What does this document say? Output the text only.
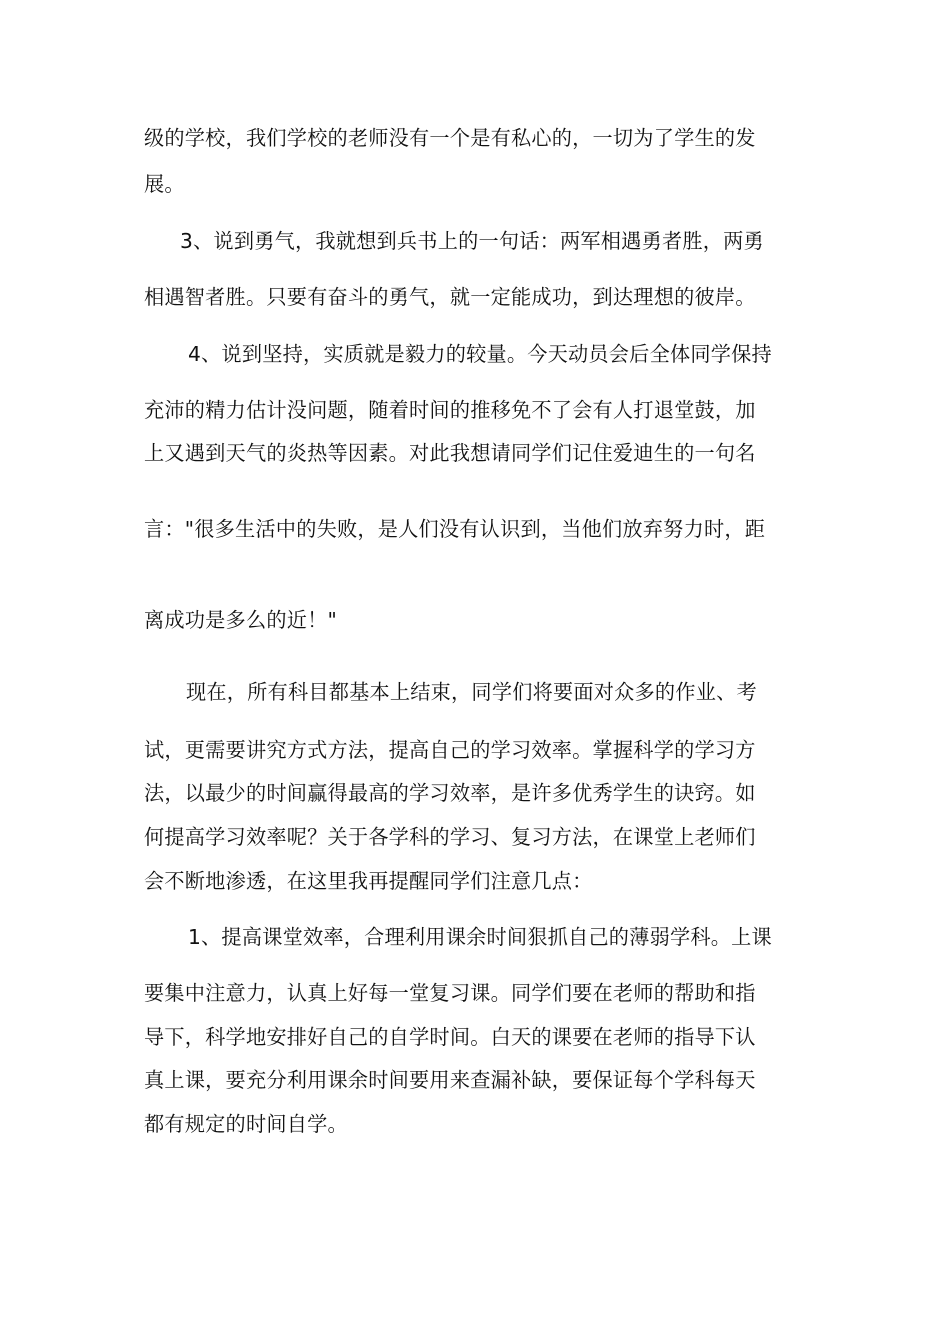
级的学校，我们学校的老师没有一个是有私心的，一切为了学生的发
展。
3、说到勇气，我就想到兵书上的一句话：两军相遇勇者胜，两勇
相遇智者胜。只要有奋斗的勇气，就一定能成功，到达理想的彼岸。
4、说到坚持，实质就是毅力的较量。今天动员会后全体同学保持
充沛的精力估计没问题，随着时间的推移免不了会有人打退堂鼓，加
上又遇到天气的炎热等因素。对此我想请同学们记住爱迪生的一句名
言："很多生活中的失败，是人们没有认识到，当他们放弃努力时，距
离成功是多么的近！"
现在，所有科目都基本上结束，同学们将要面对众多的作业、考
试，更需要讲究方式方法，提高自己的学习效率。掌握科学的学习方
法，以最少的时间赢得最高的学习效率，是许多优秀学生的诀窍。如
何提高学习效率呢？关于各学科的学习、复习方法，在课堂上老师们
会不断地渗透，在这里我再提醒同学们注意几点：
1、提高课堂效率，合理利用课余时间狠抓自己的薄弱学科。上课
要集中注意力，认真上好每一堂复习课。同学们要在老师的帮助和指
导下，科学地安排好自己的自学时间。白天的课要在老师的指导下认
真上课，要充分利用课余时间要用来查漏补缺，要保证每个学科每天
都有规定的时间自学。
